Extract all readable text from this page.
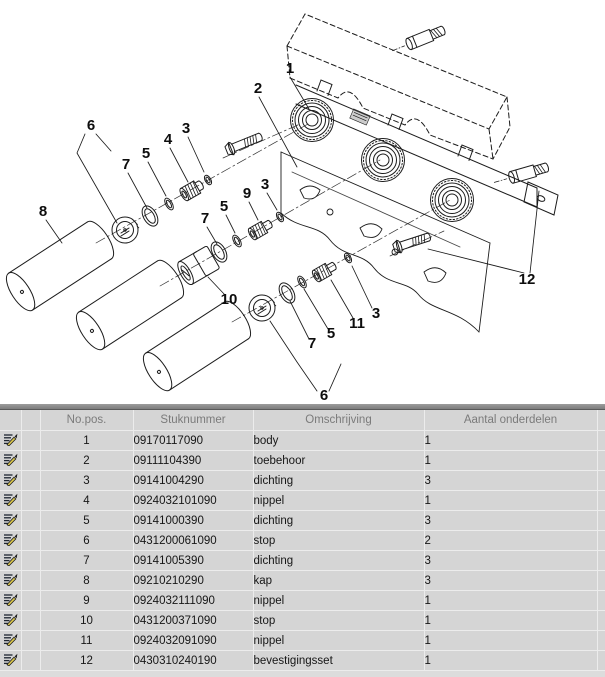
1
2
6	3
4
5
7
8
3
9
5
7
10
3
11
5
7
6
12
		No.pos.	Stuknummer	Omschrijving	Aantal onderdelen	
		1	09170117090	body	1	
		2	09111104390	toebehoor	1	
		3	09141004290	dichting	3	
		4	0924032101090	nippel	1	
		5	09141000390	dichting	3	
		6	0431200061090	stop	2	
		7	09141005390	dichting	3	
		8	09210210290	kap	3	
		9	0924032111090	nippel	1	
		10	0431200371090	stop	1	
		11	0924032091090	nippel	1	
		12	0430310240190	bevestigingsset	1	
